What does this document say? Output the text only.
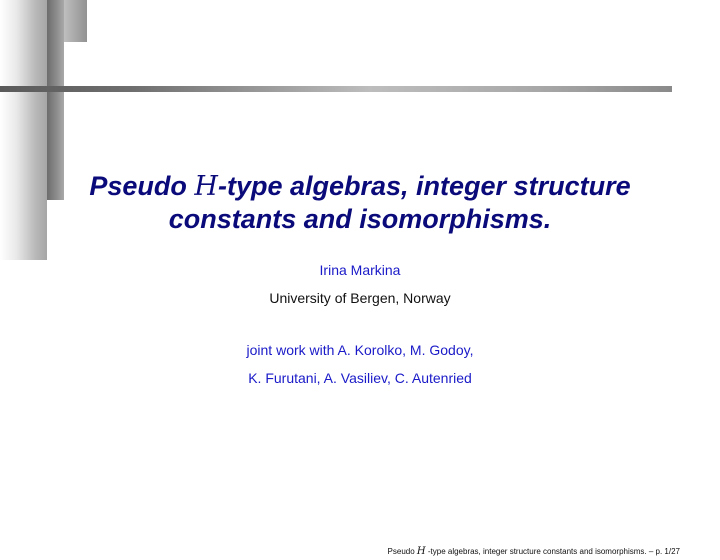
Pseudo H-type algebras, integer structure
constants and isomorphisms.
Irina Markina
University of Bergen, Norway
joint work with A. Korolko, M. Godoy,
K. Furutani, A. Vasiliev, C. Autenried
Pseudo H -type algebras, integer structure constants and isomorphisms. – p. 1/27
